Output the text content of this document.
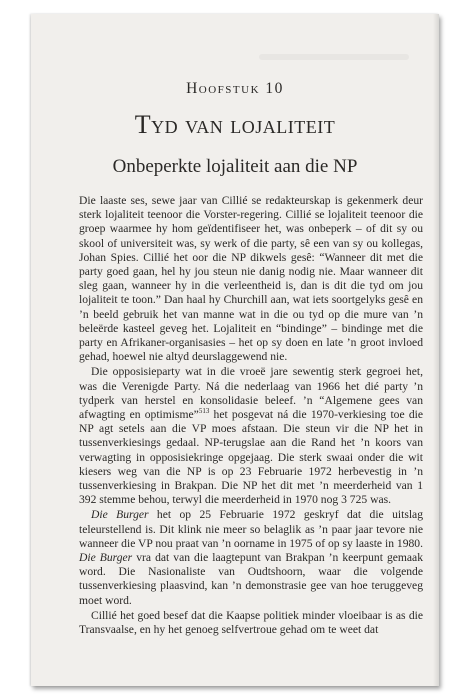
Hoofstuk 10
Tyd van lojaliteit
Onbeperkte lojaliteit aan die NP

Die laaste ses, sewe jaar van Cillié se redakteurskap is gekenmerk deur sterk lojaliteit teenoor die Vorster-regering. Cillié se lojaliteit teenoor die groep waarmee hy hom geïdentifiseer het, was onbeperk – of dit sy ou skool of universiteit was, sy werk of die party, sê een van sy ou kollegas, Johan Spies. Cillié het oor die NP dikwels gesê: “Wanneer dit met die party goed gaan, hel hy jou steun nie danig nodig nie. Maar wanneer dit sleg gaan, wanneer hy in die verleentheid is, dan is dit die tyd om jou lojaliteit te toon.” Dan haal hy Churchill aan, wat iets soortgelyks gesê en ’n beeld gebruik het van manne wat in die ou tyd op die mure van ’n beleërde kasteel geveg het. Lojaliteit en “bindinge” – bindinge met die party en Afrikaner-organisasies – het op sy doen en late ’n groot invloed gehad, hoewel nie altyd deurslaggewend nie.

Die opposisieparty wat in die vroeë jare sewentig sterk gegroei het, was die Verenigde Party. Ná die nederlaag van 1966 het dié party ’n tydperk van herstel en konsolidasie beleef. ’n “Algemene gees van afwagting en optimisme”$^{513}$ het posgevat ná die 1970-verkiesing toe die NP agt setels aan die VP moes afstaan. Die steun vir die NP het in tussenverkiesings gedaal. NP-terugslae aan die Rand het ’n koors van verwagting in opposisiekringe opgejaag. Die sterk swaai onder die wit kiesers weg van die NP is op 23 Februarie 1972 herbevestig in ’n tussenverkiesing in Brakpan. Die NP het dit met ’n meerderheid van 1 392 stemme behou, terwyl die meerderheid in 1970 nog 3 725 was.

Die Burger het op 25 Februarie 1972 geskryf dat die uitslag teleurstellend is. Dit klink nie meer so belaglik as ’n paar jaar tevore nie wanneer die VP nou praat van ’n oorname in 1975 of op sy laaste in 1980. Die Burger vra dat van die laagtepunt van Brakpan ’n keerpunt gemaak word. Die Nasionaliste van Oudtshoorn, waar die volgende tussenverkiesing plaasvind, kan ’n demonstrasie gee van hoe teruggeveg moet word.

Cillié het goed besef dat die Kaapse politiek minder vloeibaar is as die Transvaalse, en hy het genoeg selfvertroue gehad om te weet dat
